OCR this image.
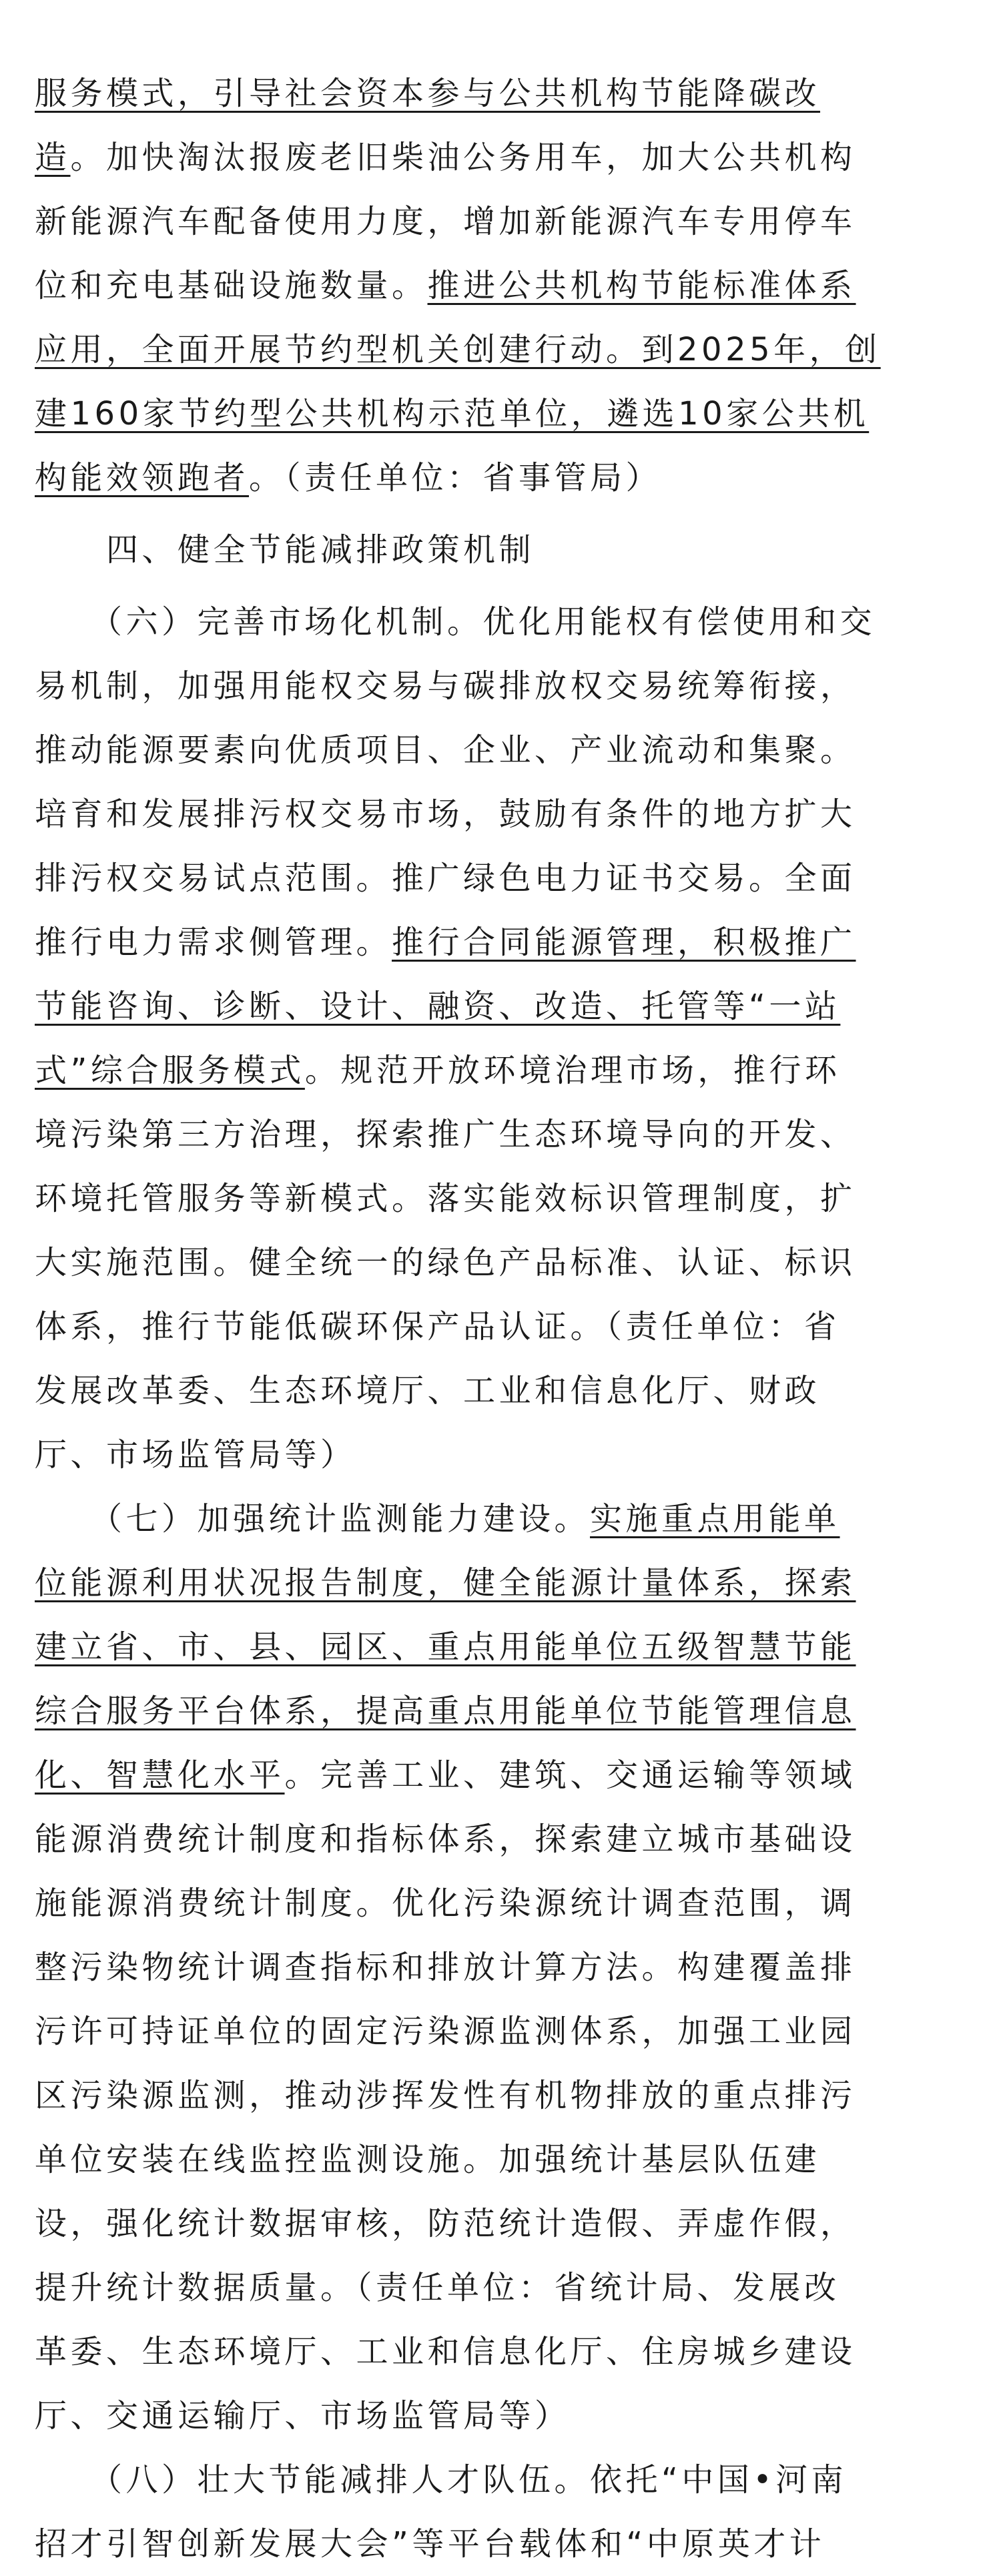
服务模式，引导社会资本参与公共机构节能降碳改
造。加快淘汰报废老旧柴油公务用车，加大公共机构
新能源汽车配备使用力度，增加新能源汽车专用停车
位和充电基础设施数量。推进公共机构节能标准体系
应用，全面开展节约型机关创建行动。到2025年，创
建160家节约型公共机构示范单位，遴选10家公共机
构能效领跑者。（责任单位：省事管局）
　　四、健全节能减排政策机制
　　（六）完善市场化机制。优化用能权有偿使用和交
易机制，加强用能权交易与碳排放权交易统筹衔接，
推动能源要素向优质项目、企业、产业流动和集聚。
培育和发展排污权交易市场，鼓励有条件的地方扩大
排污权交易试点范围。推广绿色电力证书交易。全面
推行电力需求侧管理。推行合同能源管理，积极推广
节能咨询、诊断、设计、融资、改造、托管等“一站
式”综合服务模式。规范开放环境治理市场，推行环
境污染第三方治理，探索推广生态环境导向的开发、
环境托管服务等新模式。落实能效标识管理制度，扩
大实施范围。健全统一的绿色产品标准、认证、标识
体系，推行节能低碳环保产品认证。（责任单位：省
发展改革委、生态环境厅、工业和信息化厅、财政
厅、市场监管局等）
　　（七）加强统计监测能力建设。实施重点用能单
位能源利用状况报告制度，健全能源计量体系，探索
建立省、市、县、园区、重点用能单位五级智慧节能
综合服务平台体系，提高重点用能单位节能管理信息
化、智慧化水平。完善工业、建筑、交通运输等领域
能源消费统计制度和指标体系，探索建立城市基础设
施能源消费统计制度。优化污染源统计调查范围，调
整污染物统计调查指标和排放计算方法。构建覆盖排
污许可持证单位的固定污染源监测体系，加强工业园
区污染源监测，推动涉挥发性有机物排放的重点排污
单位安装在线监控监测设施。加强统计基层队伍建
设，强化统计数据审核，防范统计造假、弄虚作假，
提升统计数据质量。（责任单位：省统计局、发展改
革委、生态环境厅、工业和信息化厅、住房城乡建设
厅、交通运输厅、市场监管局等）
　　（八）壮大节能减排人才队伍。依托“中国•河南
招才引智创新发展大会”等平台载体和“中原英才计
